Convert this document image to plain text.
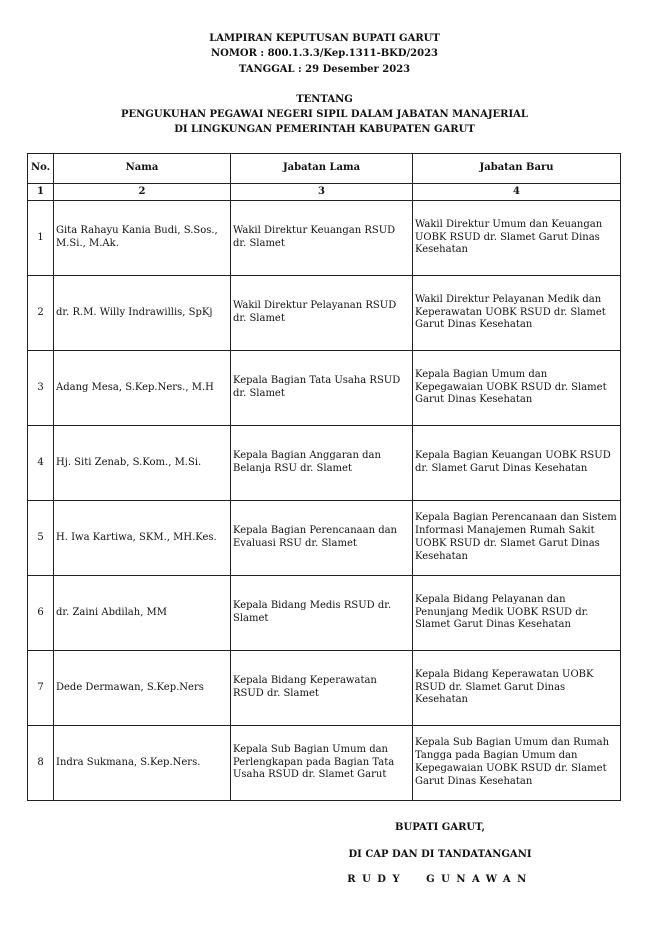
LAMPIRAN KEPUTUSAN BUPATI GARUT
NOMOR : 800.1.3.3/Kep.1311-BKD/2023
TANGGAL : 29 Desember 2023
TENTANG
PENGUKUHAN PEGAWAI NEGERI SIPIL DALAM JABATAN MANAJERIAL
DI LINGKUNGAN PEMERINTAH KABUPATEN GARUT
No.	Nama	Jabatan Lama	Jabatan Baru
1	2	3	4
1	Gita Rahayu Kania Budi, S.Sos., M.Si., M.Ak.	Wakil Direktur Keuangan RSUD dr. Slamet	Wakil Direktur Umum dan Keuangan UOBK RSUD dr. Slamet Garut Dinas Kesehatan
2	dr. R.M. Willy Indrawillis, SpKj	Wakil Direktur Pelayanan RSUD dr. Slamet	Wakil Direktur Pelayanan Medik dan Keperawatan UOBK RSUD dr. Slamet Garut Dinas Kesehatan
3	Adang Mesa, S.Kep.Ners., M.H	Kepala Bagian Tata Usaha RSUD dr. Slamet	Kepala Bagian Umum dan Kepegawaian UOBK RSUD dr. Slamet Garut Dinas Kesehatan
4	Hj. Siti Zenab, S.Kom., M.Si.	Kepala Bagian Anggaran dan Belanja RSU dr. Slamet	Kepala Bagian Keuangan UOBK RSUD dr. Slamet Garut Dinas Kesehatan
5	H. Iwa Kartiwa, SKM., MH.Kes.	Kepala Bagian Perencanaan dan Evaluasi RSU dr. Slamet	Kepala Bagian Perencanaan dan Sistem Informasi Manajemen Rumah Sakit UOBK RSUD dr. Slamet Garut Dinas Kesehatan
6	dr. Zaini Abdilah, MM	Kepala Bidang Medis RSUD dr. Slamet	Kepala Bidang Pelayanan dan Penunjang Medik UOBK RSUD dr. Slamet Garut Dinas Kesehatan
7	Dede Dermawan, S.Kep.Ners	Kepala Bidang Keperawatan RSUD dr. Slamet	Kepala Bidang Keperawatan UOBK RSUD dr. Slamet Garut Dinas Kesehatan
8	Indra Sukmana, S.Kep.Ners.	Kepala Sub Bagian Umum dan Perlengkapan pada Bagian Tata Usaha RSUD dr. Slamet Garut	Kepala Sub Bagian Umum dan Rumah Tangga pada Bagian Umum dan Kepegawaian UOBK RSUD dr. Slamet Garut Dinas Kesehatan
BUPATI GARUT,
DI CAP DAN DI TANDATANGANI
RUDY  GUNAWAN
